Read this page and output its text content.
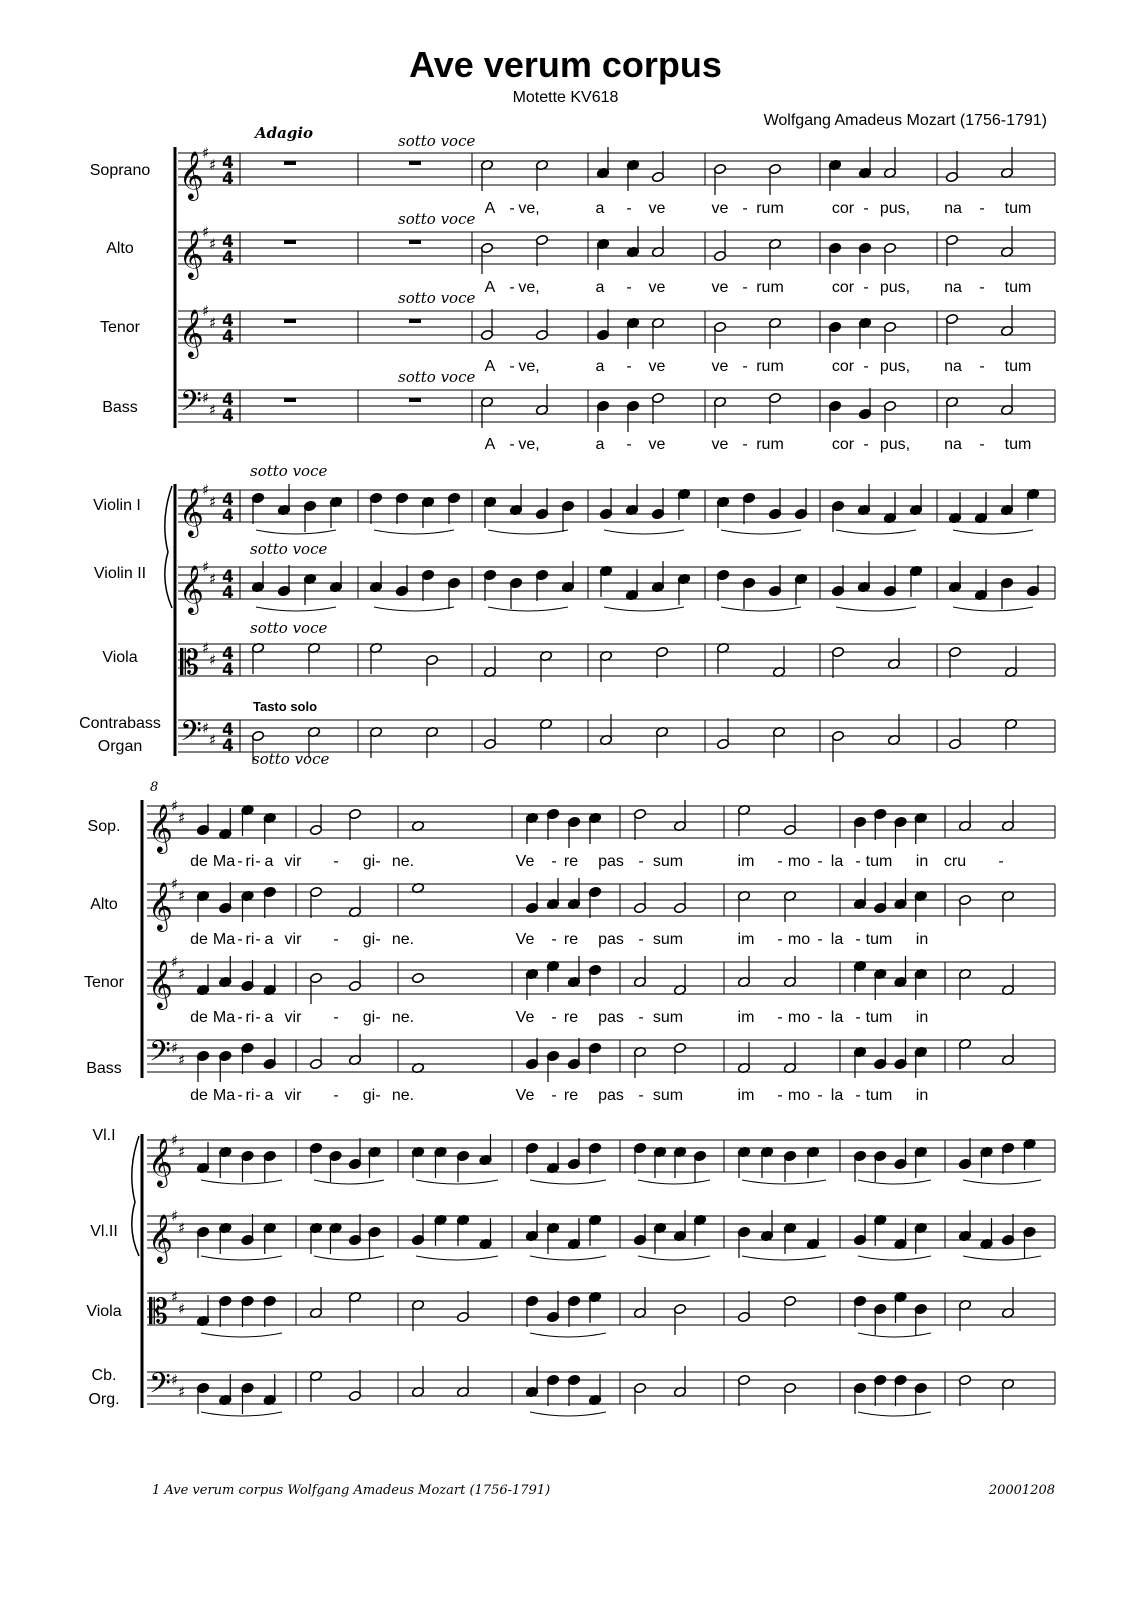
Ave verum corpus
Motette KV618
Wolfgang Amadeus Mozart (1756-1791)
Soprano
Alto
Tenor
Bass
Violin I
Violin II
Viola
Contrabass
Organ
𝄞
♯
♯ 4
4
𝄞
♯
♯ 4
4
𝄞
♯
♯ 4
4
𝄢 ♯
♯ 4
4
𝄞
♯
♯ 4
4
𝄞
♯
♯ 4
4
𝄡 ♯
♯ 4
4
𝄢 ♯
♯ 4
4
Adagio	sotto voce
sotto voce
sotto voce
sotto voce
sotto voce
sotto voce
sotto voce
sotto voce
Tasto solo
A - ve,	a - ve	ve - rum	cor - pus, na - tum
A - ve,	a - ve	ve - rum	cor - pus, na - tum
A - ve,	a - ve	ve - rum	cor - pus, na - tum
A - ve,	a - ve	ve - rum	cor - pus, na - tum
8
Sop.
Alto
Tenor
Bass
Vl.I
Vl.II
Viola
Cb.
Org.
𝄞
♯
♯
𝄞
♯
♯
𝄞
♯
♯
𝄢 ♯
♯
𝄞
♯
♯
𝄞
♯
♯
𝄡 ♯
♯
𝄢 ♯
♯
de Ma - ri - a vir - gi - ne.	Ve - re pas - sum	im - mo - la - tum in cru -
de Ma - ri - a vir - gi - ne.	Ve - re pas - sum	im - mo - la - tum in
de Ma - ri - a vir - gi - ne.	Ve - re pas - sum	im - mo - la - tum in
de Ma - ri - a vir - gi - ne.	Ve - re pas - sum	im - mo - la - tum in
1 Ave verum corpus Wolfgang Amadeus Mozart (1756-1791)	20001208
